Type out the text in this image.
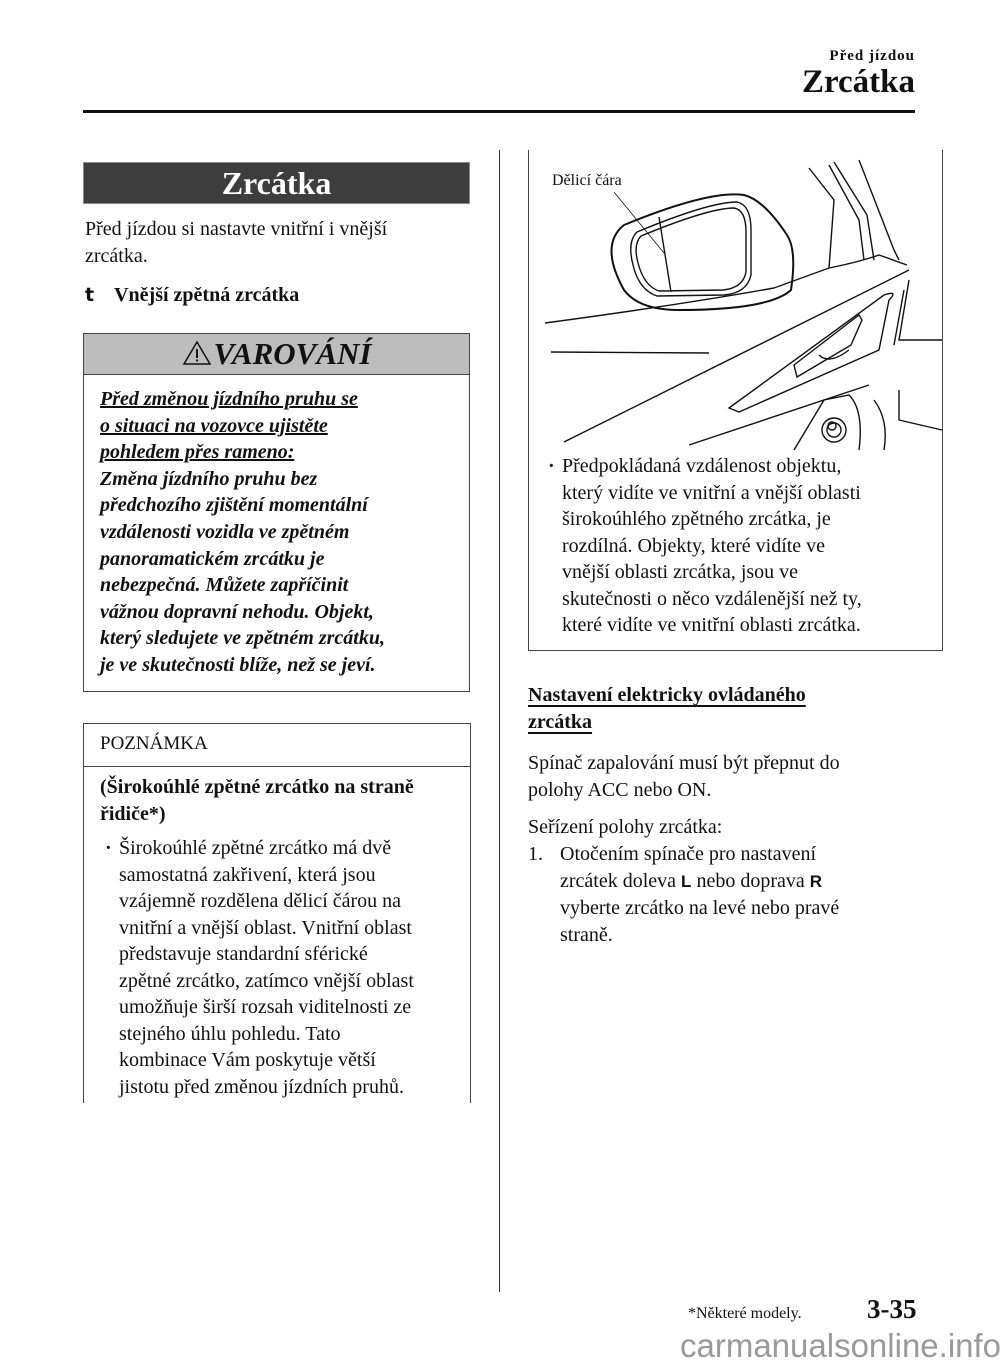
Před jízdou
Zrcátka
Zrcátka
Před jízdou si nastavte vnitřní i vnější
zrcátka.
t Vnější zpětná zrcátka
VAROVÁNÍ
Před změnou jízdního pruhu se
o situaci na vozovce ujistěte
pohledem přes rameno:
Změna jízdního pruhu bez
předchozího zjištění momentální
vzdálenosti vozidla ve zpětném
panoramatickém zrcátku je
nebezpečná. Můžete zapříčinit
vážnou dopravní nehodu. Objekt,
který sledujete ve zpětném zrcátku,
je ve skutečnosti blíže, než se jeví.
POZNÁMKA
(Širokoúhlé zpětné zrcátko na straně
řidiče*)
· Širokoúhlé zpětné zrcátko má dvě
samostatná zakřivení, která jsou
vzájemně rozdělena dělicí čárou na
vnitřní a vnější oblast. Vnitřní oblast
představuje standardní sférické
zpětné zrcátko, zatímco vnější oblast
umožňuje širší rozsah viditelnosti ze
stejného úhlu pohledu. Tato
kombinace Vám poskytuje větší
jistotu před změnou jízdních pruhů.
Dělicí čára
· Předpokládaná vzdálenost objektu,
který vidíte ve vnitřní a vnější oblasti
širokoúhlého zpětného zrcátka, je
rozdílná. Objekty, které vidíte ve
vnější oblasti zrcátka, jsou ve
skutečnosti o něco vzdálenější než ty,
které vidíte ve vnitřní oblasti zrcátka.
Nastavení elektricky ovládaného
zrcátka
Spínač zapalování musí být přepnut do
polohy ACC nebo ON.
Seřízení polohy zrcátka:
1. Otočením spínače pro nastavení
zrcátek doleva L nebo doprava R
vyberte zrcátko na levé nebo pravé
straně.
*Některé modely. 3-35
carmanualsonline.info
